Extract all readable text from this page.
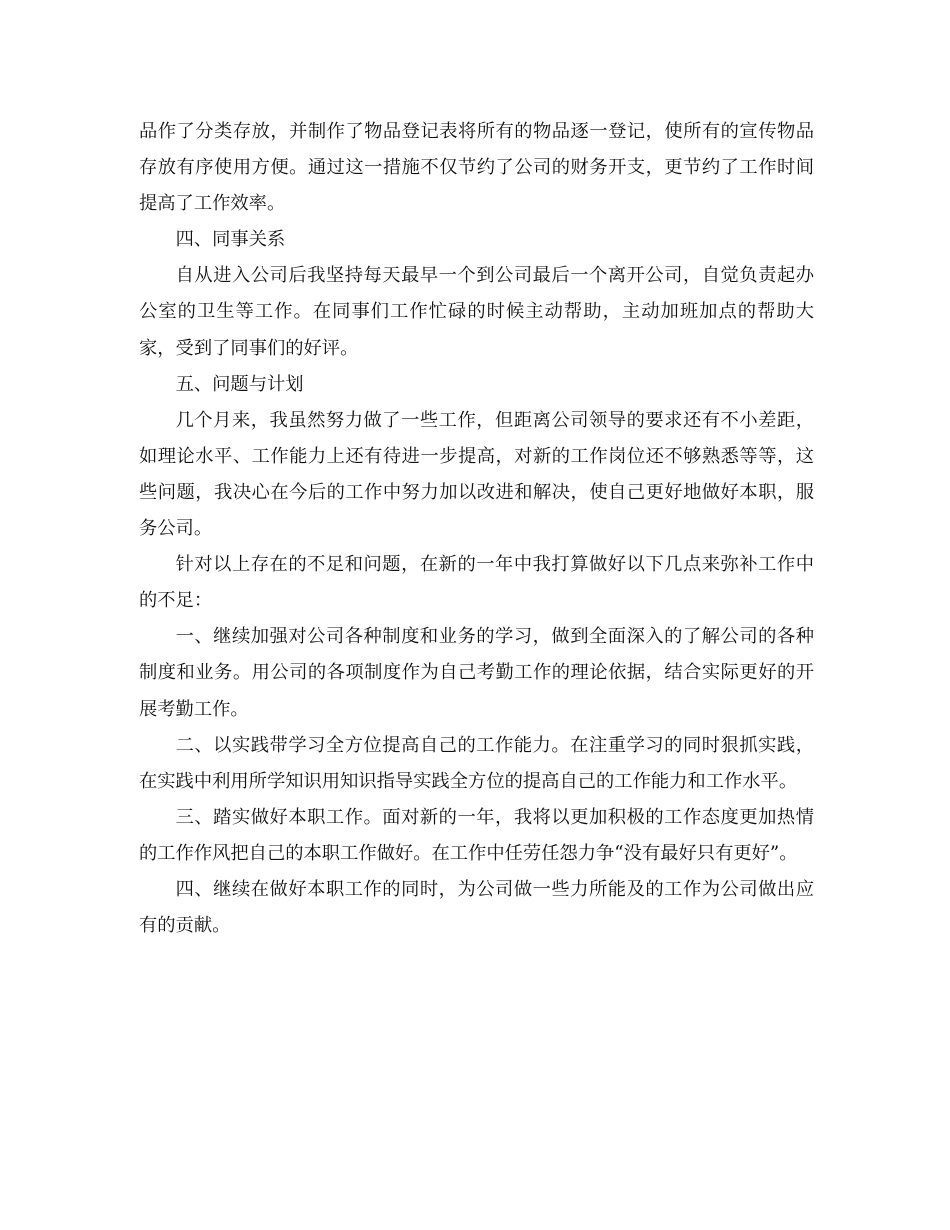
品作了分类存放，并制作了物品登记表将所有的物品逐一登记，使所有的宣传物品存放有序使用方便。通过这一措施不仅节约了公司的财务开支，更节约了工作时间提高了工作效率。

四、同事关系

自从进入公司后我坚持每天最早一个到公司最后一个离开公司，自觉负责起办公室的卫生等工作。在同事们工作忙碌的时候主动帮助，主动加班加点的帮助大家，受到了同事们的好评。

五、问题与计划

几个月来，我虽然努力做了一些工作，但距离公司领导的要求还有不小差距，如理论水平、工作能力上还有待进一步提高，对新的工作岗位还不够熟悉等等，这些问题，我决心在今后的工作中努力加以改进和解决，使自己更好地做好本职，服务公司。

针对以上存在的不足和问题，在新的一年中我打算做好以下几点来弥补工作中的不足：

一、继续加强对公司各种制度和业务的学习，做到全面深入的了解公司的各种制度和业务。用公司的各项制度作为自己考勤工作的理论依据，结合实际更好的开展考勤工作。

二、以实践带学习全方位提高自己的工作能力。在注重学习的同时狠抓实践，在实践中利用所学知识用知识指导实践全方位的提高自己的工作能力和工作水平。

三、踏实做好本职工作。面对新的一年，我将以更加积极的工作态度更加热情的工作作风把自己的本职工作做好。在工作中任劳任怨力争“没有最好只有更好”。

四、继续在做好本职工作的同时，为公司做一些力所能及的工作为公司做出应有的贡献。
